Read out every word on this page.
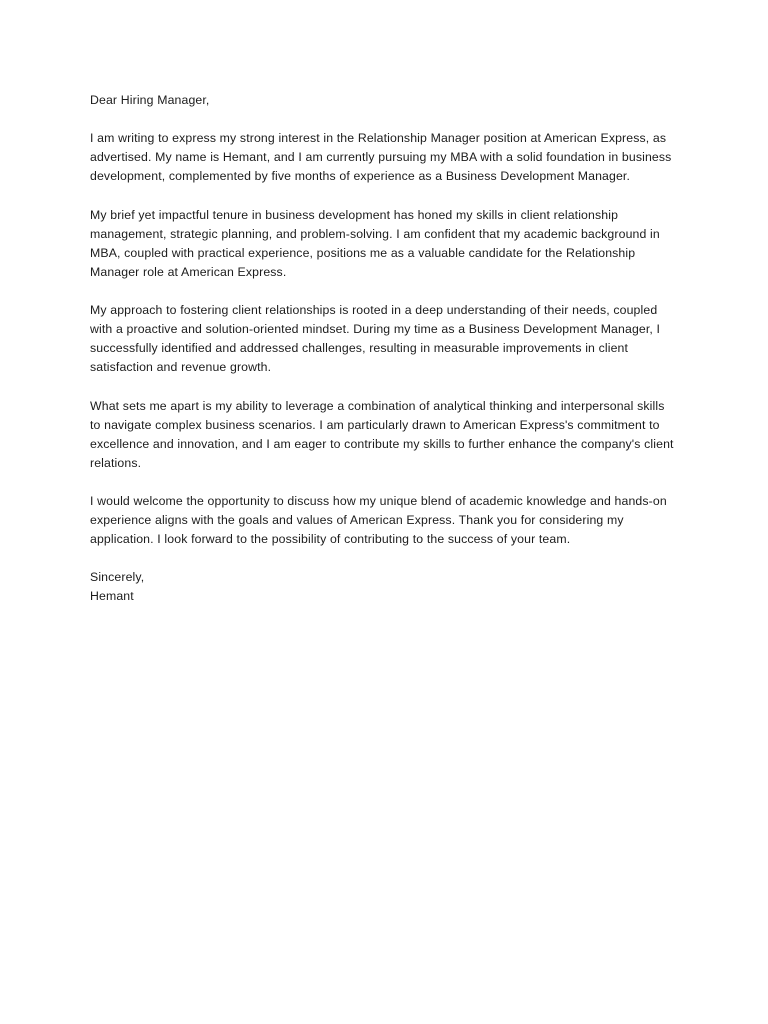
Dear Hiring Manager,

I am writing to express my strong interest in the Relationship Manager position at American Express, as advertised. My name is Hemant, and I am currently pursuing my MBA with a solid foundation in business development, complemented by five months of experience as a Business Development Manager.

My brief yet impactful tenure in business development has honed my skills in client relationship management, strategic planning, and problem-solving. I am confident that my academic background in MBA, coupled with practical experience, positions me as a valuable candidate for the Relationship Manager role at American Express.

My approach to fostering client relationships is rooted in a deep understanding of their needs, coupled with a proactive and solution-oriented mindset. During my time as a Business Development Manager, I successfully identified and addressed challenges, resulting in measurable improvements in client satisfaction and revenue growth.

What sets me apart is my ability to leverage a combination of analytical thinking and interpersonal skills to navigate complex business scenarios. I am particularly drawn to American Express's commitment to excellence and innovation, and I am eager to contribute my skills to further enhance the company's client relations.

I would welcome the opportunity to discuss how my unique blend of academic knowledge and hands-on experience aligns with the goals and values of American Express. Thank you for considering my application. I look forward to the possibility of contributing to the success of your team.

Sincerely,

Hemant
